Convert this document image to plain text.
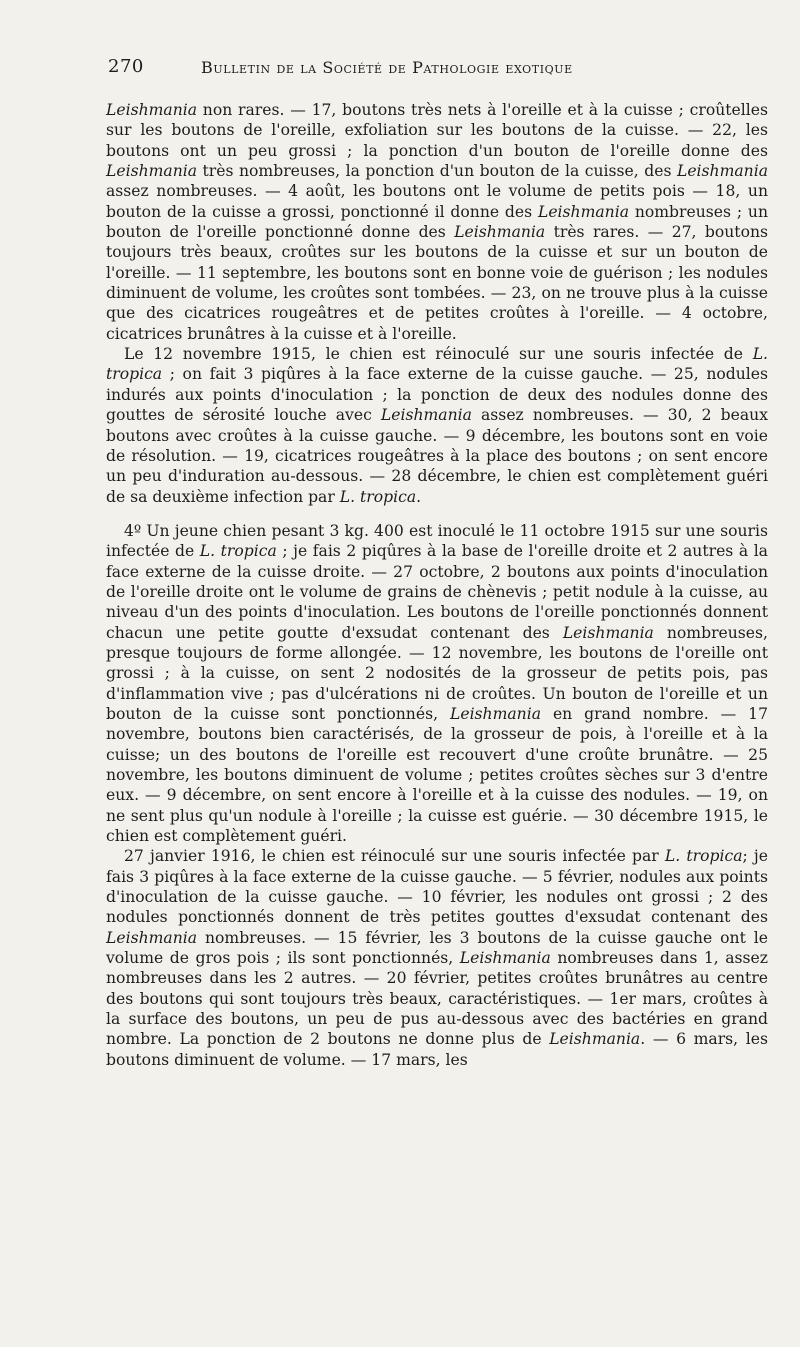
270	Bulletin de la Société de Pathologie exotique

Leishmania non rares. — 17, boutons très nets à l'oreille et à la cuisse ; croûtelles sur les boutons de l'oreille, exfoliation sur les boutons de la cuisse. — 22, les boutons ont un peu grossi ; la ponction d'un bouton de l'oreille donne des Leishmania très nombreuses, la ponction d'un bouton de la cuisse, des Leishmania assez nombreuses. — 4 août, les boutons ont le volume de petits pois — 18, un bouton de la cuisse a grossi, ponctionné il donne des Leishmania nombreuses ; un bouton de l'oreille ponctionné donne des Leishmania très rares. — 27, boutons toujours très beaux, croûtes sur les boutons de la cuisse et sur un bouton de l'oreille. — 11 septembre, les boutons sont en bonne voie de guérison ; les nodules diminuent de volume, les croûtes sont tombées. — 23, on ne trouve plus à la cuisse que des cicatrices rougeâtres et de petites croûtes à l'oreille. — 4 octobre, cicatrices brunâtres à la cuisse et à l'oreille.

Le 12 novembre 1915, le chien est réinoculé sur une souris infectée de L. tropica ; on fait 3 piqûres à la face externe de la cuisse gauche. — 25, nodules indurés aux points d'inoculation ; la ponction de deux des nodules donne des gouttes de sérosité louche avec Leishmania assez nombreuses. — 30, 2 beaux boutons avec croûtes à la cuisse gauche. — 9 décembre, les boutons sont en voie de résolution. — 19, cicatrices rougeâtres à la place des boutons ; on sent encore un peu d'induration au-dessous. — 28 décembre, le chien est complètement guéri de sa deuxième infection par L. tropica.

4º Un jeune chien pesant 3 kg. 400 est inoculé le 11 octobre 1915 sur une souris infectée de L. tropica ; je fais 2 piqûres à la base de l'oreille droite et 2 autres à la face externe de la cuisse droite. — 27 octobre, 2 boutons aux points d'inoculation de l'oreille droite ont le volume de grains de chènevis ; petit nodule à la cuisse, au niveau d'un des points d'inoculation. Les boutons de l'oreille ponctionnés donnent chacun une petite goutte d'exsudat contenant des Leishmania nombreuses, presque toujours de forme allongée. — 12 novembre, les boutons de l'oreille ont grossi ; à la cuisse, on sent 2 nodosités de la grosseur de petits pois, pas d'inflammation vive ; pas d'ulcérations ni de croûtes. Un bouton de l'oreille et un bouton de la cuisse sont ponctionnés, Leishmania en grand nombre. — 17 novembre, boutons bien caractérisés, de la grosseur de pois, à l'oreille et à la cuisse; un des boutons de l'oreille est recouvert d'une croûte brunâtre. — 25 novembre, les boutons diminuent de volume ; petites croûtes sèches sur 3 d'entre eux. — 9 décembre, on sent encore à l'oreille et à la cuisse des nodules. — 19, on ne sent plus qu'un nodule à l'oreille ; la cuisse est guérie. — 30 décembre 1915, le chien est complètement guéri.

27 janvier 1916, le chien est réinoculé sur une souris infectée par L. tropica; je fais 3 piqûres à la face externe de la cuisse gauche. — 5 février, nodules aux points d'inoculation de la cuisse gauche. — 10 février, les nodules ont grossi ; 2 des nodules ponctionnés donnent de très petites gouttes d'exsudat contenant des Leishmania nombreuses. — 15 février, les 3 boutons de la cuisse gauche ont le volume de gros pois ; ils sont ponctionnés, Leishmania nombreuses dans 1, assez nombreuses dans les 2 autres. — 20 février, petites croûtes brunâtres au centre des boutons qui sont toujours très beaux, caractéristiques. — 1er mars, croûtes à la surface des boutons, un peu de pus au-dessous avec des bactéries en grand nombre. La ponction de 2 boutons ne donne plus de Leishmania. — 6 mars, les boutons diminuent de volume. — 17 mars, les
